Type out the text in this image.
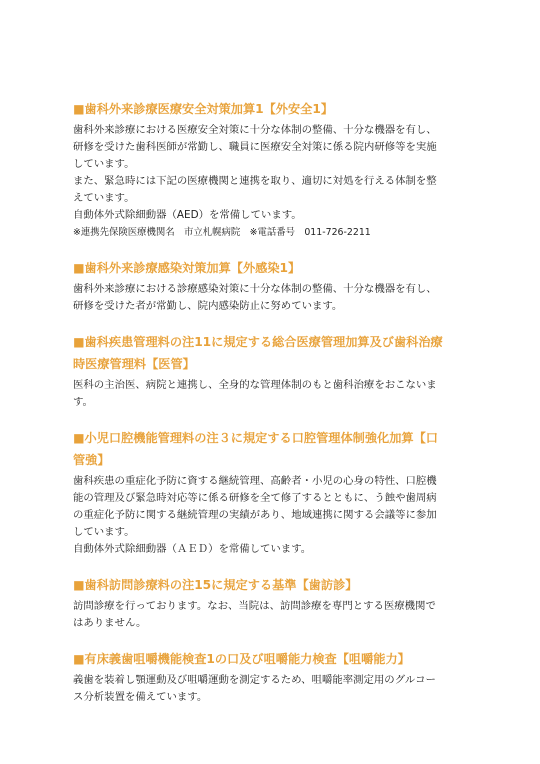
■歯科外来診療医療安全対策加算1【外安全1】

歯科外来診療における医療安全対策に十分な体制の整備、十分な機器を有し、

研修を受けた歯科医師が常勤し、職員に医療安全対策に係る院内研修等を実施

しています。

また、緊急時には下記の医療機関と連携を取り、適切に対処を行える体制を整

えています。

自動体外式除細動器（AED）を常備しています。

※連携先保険医療機関名　市立札幌病院　※電話番号　011-726-2211

■歯科外来診療感染対策加算【外感染1】

歯科外来診療における診療感染対策に十分な体制の整備、十分な機器を有し、

研修を受けた者が常勤し、院内感染防止に努めています。

■歯科疾患管理料の注11に規定する総合医療管理加算及び歯科治療
時医療管理料【医管】

医科の主治医、病院と連携し、全身的な管理体制のもと歯科治療をおこないま

す。

■小児口腔機能管理料の注３に規定する口腔管理体制強化加算【口
管強】

歯科疾患の重症化予防に資する継続管理、高齢者・小児の心身の特性、口腔機

能の管理及び緊急時対応等に係る研修を全て修了するとともに、う蝕や歯周病

の重症化予防に関する継続管理の実績があり、地域連携に関する会議等に参加

しています。

自動体外式除細動器（ＡＥＤ）を常備しています。

■歯科訪問診療料の注15に規定する基準【歯訪診】

訪問診療を行っております。なお、当院は、訪問診療を専門とする医療機関で

はありません。

■有床義歯咀嚼機能検査1の口及び咀嚼能力検査【咀嚼能力】

義歯を装着し顎運動及び咀嚼運動を測定するため、咀嚼能率測定用のグルコー

ス分析装置を備えています。
